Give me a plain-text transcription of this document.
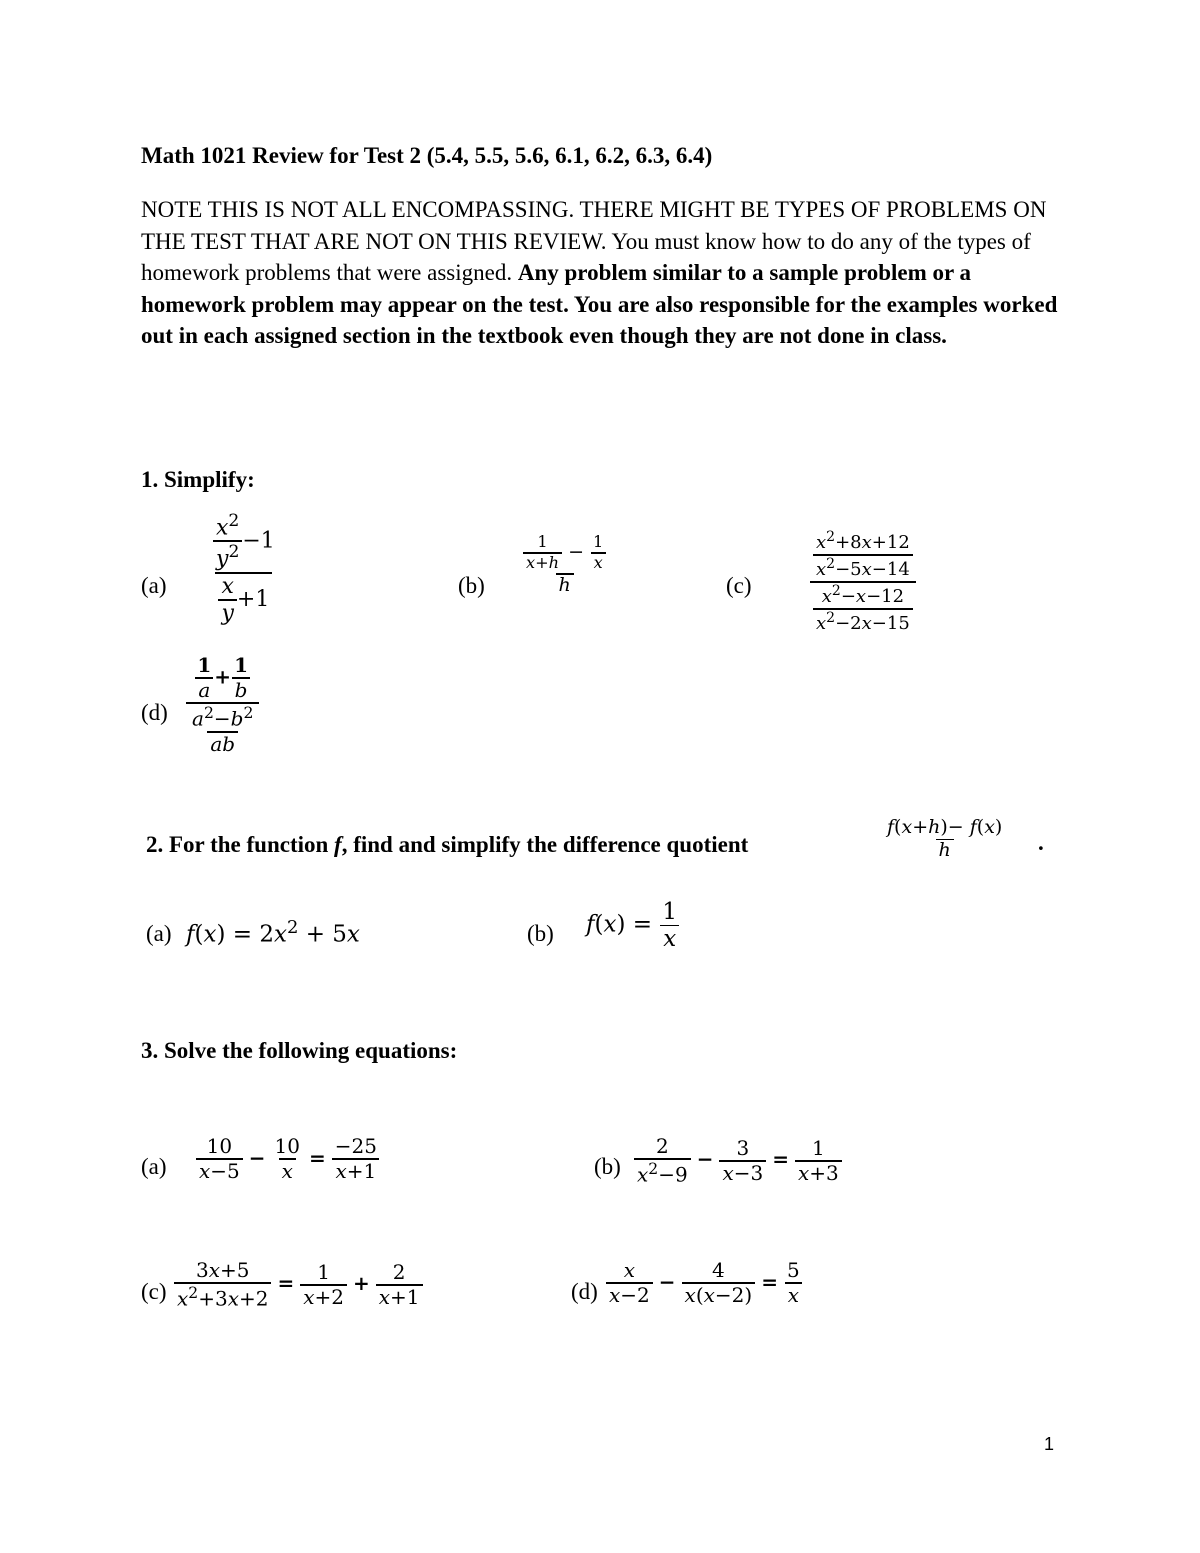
Math 1021 Review for Test 2 (5.4, 5.5, 5.6, 6.1, 6.2, 6.3, 6.4)
NOTE THIS IS NOT ALL ENCOMPASSING. THERE MIGHT BE TYPES OF PROBLEMS ON THE TEST THAT ARE NOT ON THIS REVIEW. You must know how to do any of the types of homework problems that were assigned. Any problem similar to a sample problem or a homework problem may appear on the test. You are also responsible for the examples worked out in each assigned section in the textbook even though they are not done in class.
1. Simplify:
$(a) \frac{\frac{x^2}{y^2} -1}{\frac{x}{y} +1}$	$(b) \frac{\frac{1}{x+h} - \frac{1}{x}}{h}$	(c)	$\frac{\frac{x^2+8x+12}{x^2-5x-14}}{\frac{x^2-x-12}{x^2-2x-15}}$
$(d) \frac{\frac{1}{a} + \frac{1}{b}}{\frac{a^2-b^2}{ab}}$
2. For the function f, find and simplify the difference quotient	$\frac{f(x+h)- f(x)}{h}$ .
(a) $f(x) = 2x^2 + 5x$	(b) $f(x) = \frac{1}{x}$
3. Solve the following equations:
$(a) \frac{10}{x-5} - \frac{10}{x} = \frac{-25}{x+1}$	$(b) \frac{2}{x^2-9} - \frac{3}{x-3} = \frac{1}{x+3}$
$(c) \frac{3x+5}{x^2+3x+2} = \frac{1}{x+2} + \frac{2}{x+1}$	$(d) \frac{x}{x-2} - \frac{4}{x(x-2)} = \frac{5}{x}$
1
